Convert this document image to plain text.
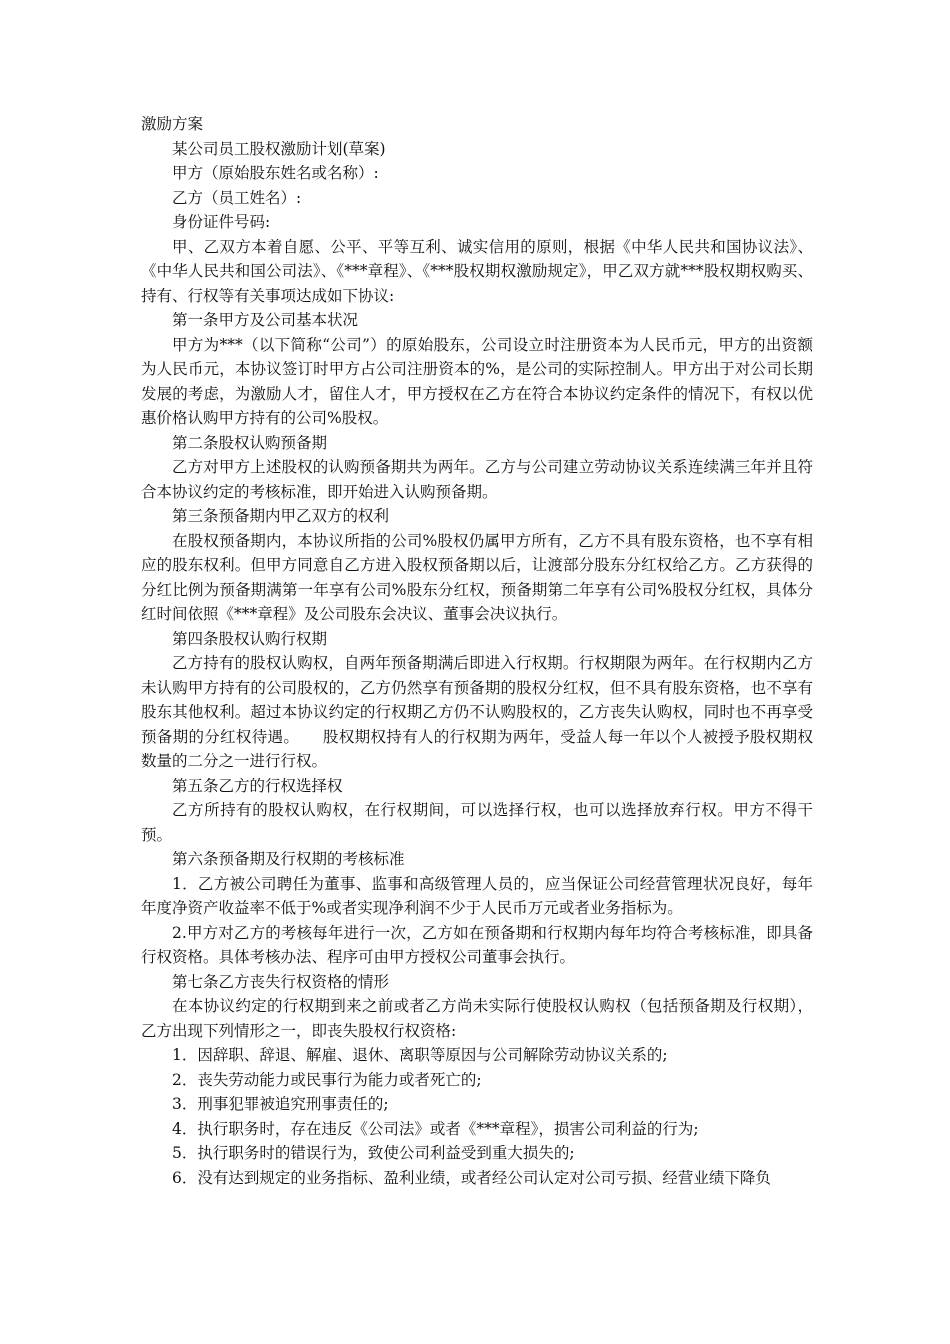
激励方案

某公司员工股权激励计划(草案)

甲方（原始股东姓名或名称）:

乙方（员工姓名）:

身份证件号码:

甲、乙双方本着自愿、公平、平等互利、诚实信用的原则，根据《中华人民共和国协议法》、《中华人民共和国公司法》、《***章程》、《***股权期权激励规定》，甲乙双方就***股权期权购买、持有、行权等有关事项达成如下协议:

第一条甲方及公司基本状况

甲方为***（以下简称“公司”）的原始股东，公司设立时注册资本为人民币元，甲方的出资额为人民币元，本协议签订时甲方占公司注册资本的%，是公司的实际控制人。甲方出于对公司长期发展的考虑，为激励人才，留住人才，甲方授权在乙方在符合本协议约定条件的情况下，有权以优惠价格认购甲方持有的公司%股权。

第二条股权认购预备期

乙方对甲方上述股权的认购预备期共为两年。乙方与公司建立劳动协议关系连续满三年并且符合本协议约定的考核标准，即开始进入认购预备期。

第三条预备期内甲乙双方的权利

在股权预备期内，本协议所指的公司%股权仍属甲方所有，乙方不具有股东资格，也不享有相应的股东权利。但甲方同意自乙方进入股权预备期以后，让渡部分股东分红权给乙方。乙方获得的分红比例为预备期满第一年享有公司%股东分红权，预备期第二年享有公司%股权分红权，具体分红时间依照《***章程》及公司股东会决议、董事会决议执行。

第四条股权认购行权期

乙方持有的股权认购权，自两年预备期满后即进入行权期。行权期限为两年。在行权期内乙方未认购甲方持有的公司股权的，乙方仍然享有预备期的股权分红权，但不具有股东资格，也不享有股东其他权利。超过本协议约定的行权期乙方仍不认购股权的，乙方丧失认购权，同时也不再享受预备期的分红权待遇。　　股权期权持有人的行权期为两年，受益人每一年以个人被授予股权期权数量的二分之一进行行权。

第五条乙方的行权选择权

乙方所持有的股权认购权，在行权期间，可以选择行权，也可以选择放弃行权。甲方不得干预。

第六条预备期及行权期的考核标准

1．乙方被公司聘任为董事、监事和高级管理人员的，应当保证公司经营管理状况良好，每年年度净资产收益率不低于%或者实现净利润不少于人民币万元或者业务指标为。

2.甲方对乙方的考核每年进行一次，乙方如在预备期和行权期内每年均符合考核标准，即具备行权资格。具体考核办法、程序可由甲方授权公司董事会执行。

第七条乙方丧失行权资格的情形

在本协议约定的行权期到来之前或者乙方尚未实际行使股权认购权（包括预备期及行权期），乙方出现下列情形之一，即丧失股权行权资格:

1．因辞职、辞退、解雇、退休、离职等原因与公司解除劳动协议关系的;

2．丧失劳动能力或民事行为能力或者死亡的;

3．刑事犯罪被追究刑事责任的;

4．执行职务时，存在违反《公司法》或者《***章程》，损害公司利益的行为;

5．执行职务时的错误行为，致使公司利益受到重大损失的;

6．没有达到规定的业务指标、盈利业绩，或者经公司认定对公司亏损、经营业绩下降负
